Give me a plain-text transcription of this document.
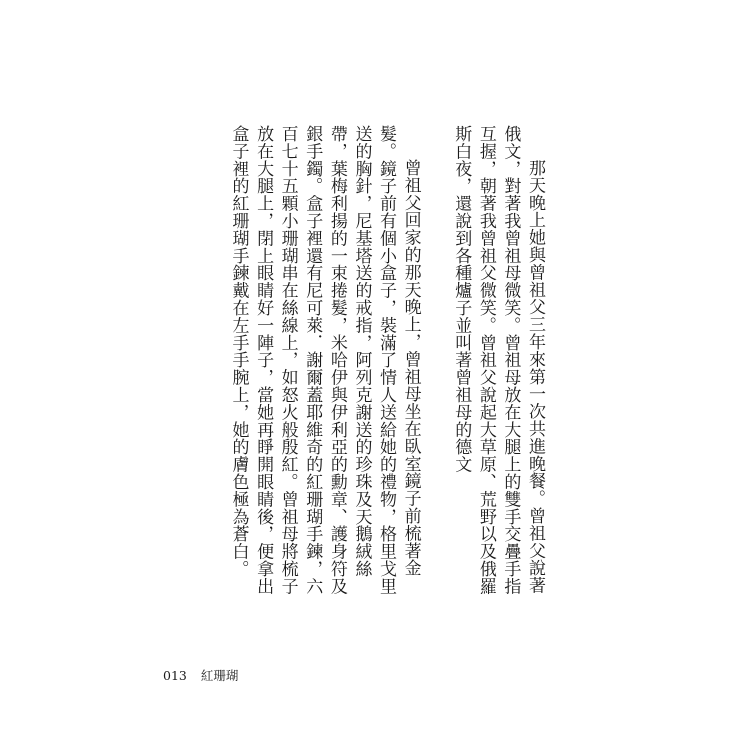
曾祖父回家的那天晚上，曾祖母坐在臥室鏡子前梳著金髮。鏡子前有個小盒子，裝滿了情人送給她的禮物，格里戈里送的胸針，尼基塔送的戒指，阿列克謝送的珍珠及天鵝絨絲帶，葉梅利揚的一束捲髮，米哈伊與伊利亞的勳章、護身符及銀手鐲。盒子裡還有尼可萊．謝爾蓋耶維奇的紅珊瑚手鍊，六百七十五顆小珊瑚串在絲線上，如怒火般殷紅。曾祖母將梳子放在大腿上，閉上眼睛好一陣子，當她再睜開眼睛後，便拿出盒子裡的紅珊瑚手鍊戴在左手手腕上，她的膚色極為蒼白。	那天晚上她與曾祖父三年來第一次共進晚餐。曾祖父說著俄文，對著我曾祖母微笑。曾祖母放在大腿上的雙手交疊手指互握，朝著我曾祖父微笑。曾祖父說起大草原、荒野以及俄羅斯白夜，還說到各種爐子並叫著曾祖母的德文
013 紅珊瑚
